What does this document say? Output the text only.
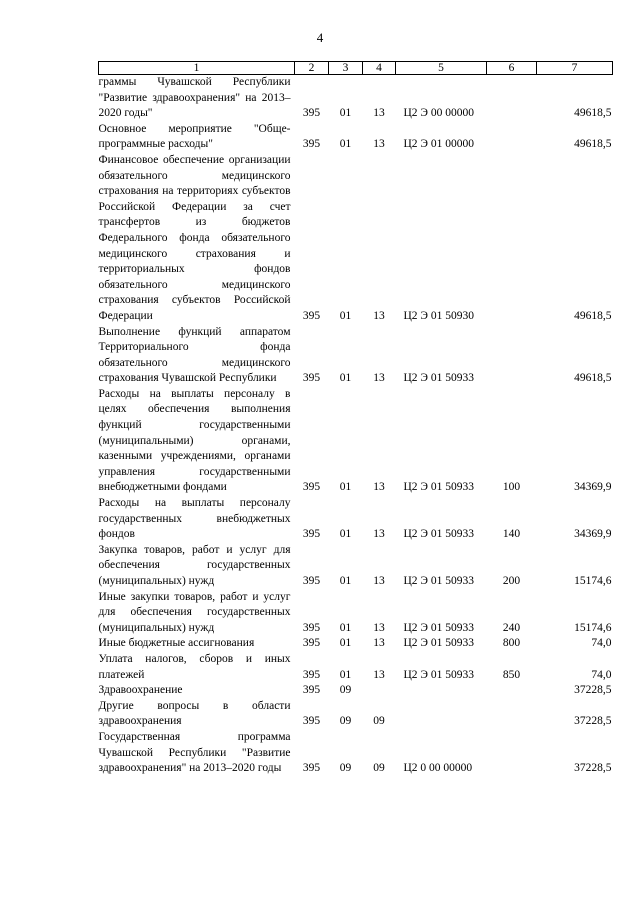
4
1	2	3	4	5	6	7
граммы Чувашской Республики "Развитие здравоохранения" на 2013–2020 годы"	395	01	13	Ц2 Э 00 00000		49618,5
Основное мероприятие "Обще-программные расходы"	395	01	13	Ц2 Э 01 00000		49618,5
Финансовое обеспечение организации обязательного медицинского страхования на территориях субъектов Российской Федерации за счет трансфертов из бюджетов Федерального фонда обязательного медицинского страхования и территориальных фондов обязательного медицинского страхования субъектов Российской Федерации	395	01	13	Ц2 Э 01 50930		49618,5
Выполнение функций аппаратом Территориального фонда обязательного медицинского страхования Чувашской Республики	395	01	13	Ц2 Э 01 50933		49618,5
Расходы на выплаты персоналу в целях обеспечения выполнения функций государственными (муниципальными) органами, казенными учреждениями, органами управления государственными внебюджетными фондами	395	01	13	Ц2 Э 01 50933	100	34369,9
Расходы на выплаты персоналу государственных внебюджетных фондов	395	01	13	Ц2 Э 01 50933	140	34369,9
Закупка товаров, работ и услуг для обеспечения государственных (муниципальных) нужд	395	01	13	Ц2 Э 01 50933	200	15174,6
Иные закупки товаров, работ и услуг для обеспечения государственных (муниципальных) нужд	395	01	13	Ц2 Э 01 50933	240	15174,6
Иные бюджетные ассигнования	395	01	13	Ц2 Э 01 50933	800	74,0
Уплата налогов, сборов и иных платежей	395	01	13	Ц2 Э 01 50933	850	74,0
Здравоохранение	395	09				37228,5
Другие вопросы в области здравоохранения	395	09	09			37228,5
Государственная программа Чувашской Республики "Развитие здравоохранения" на 2013–2020 годы	395	09	09	Ц2 0 00 00000		37228,5
